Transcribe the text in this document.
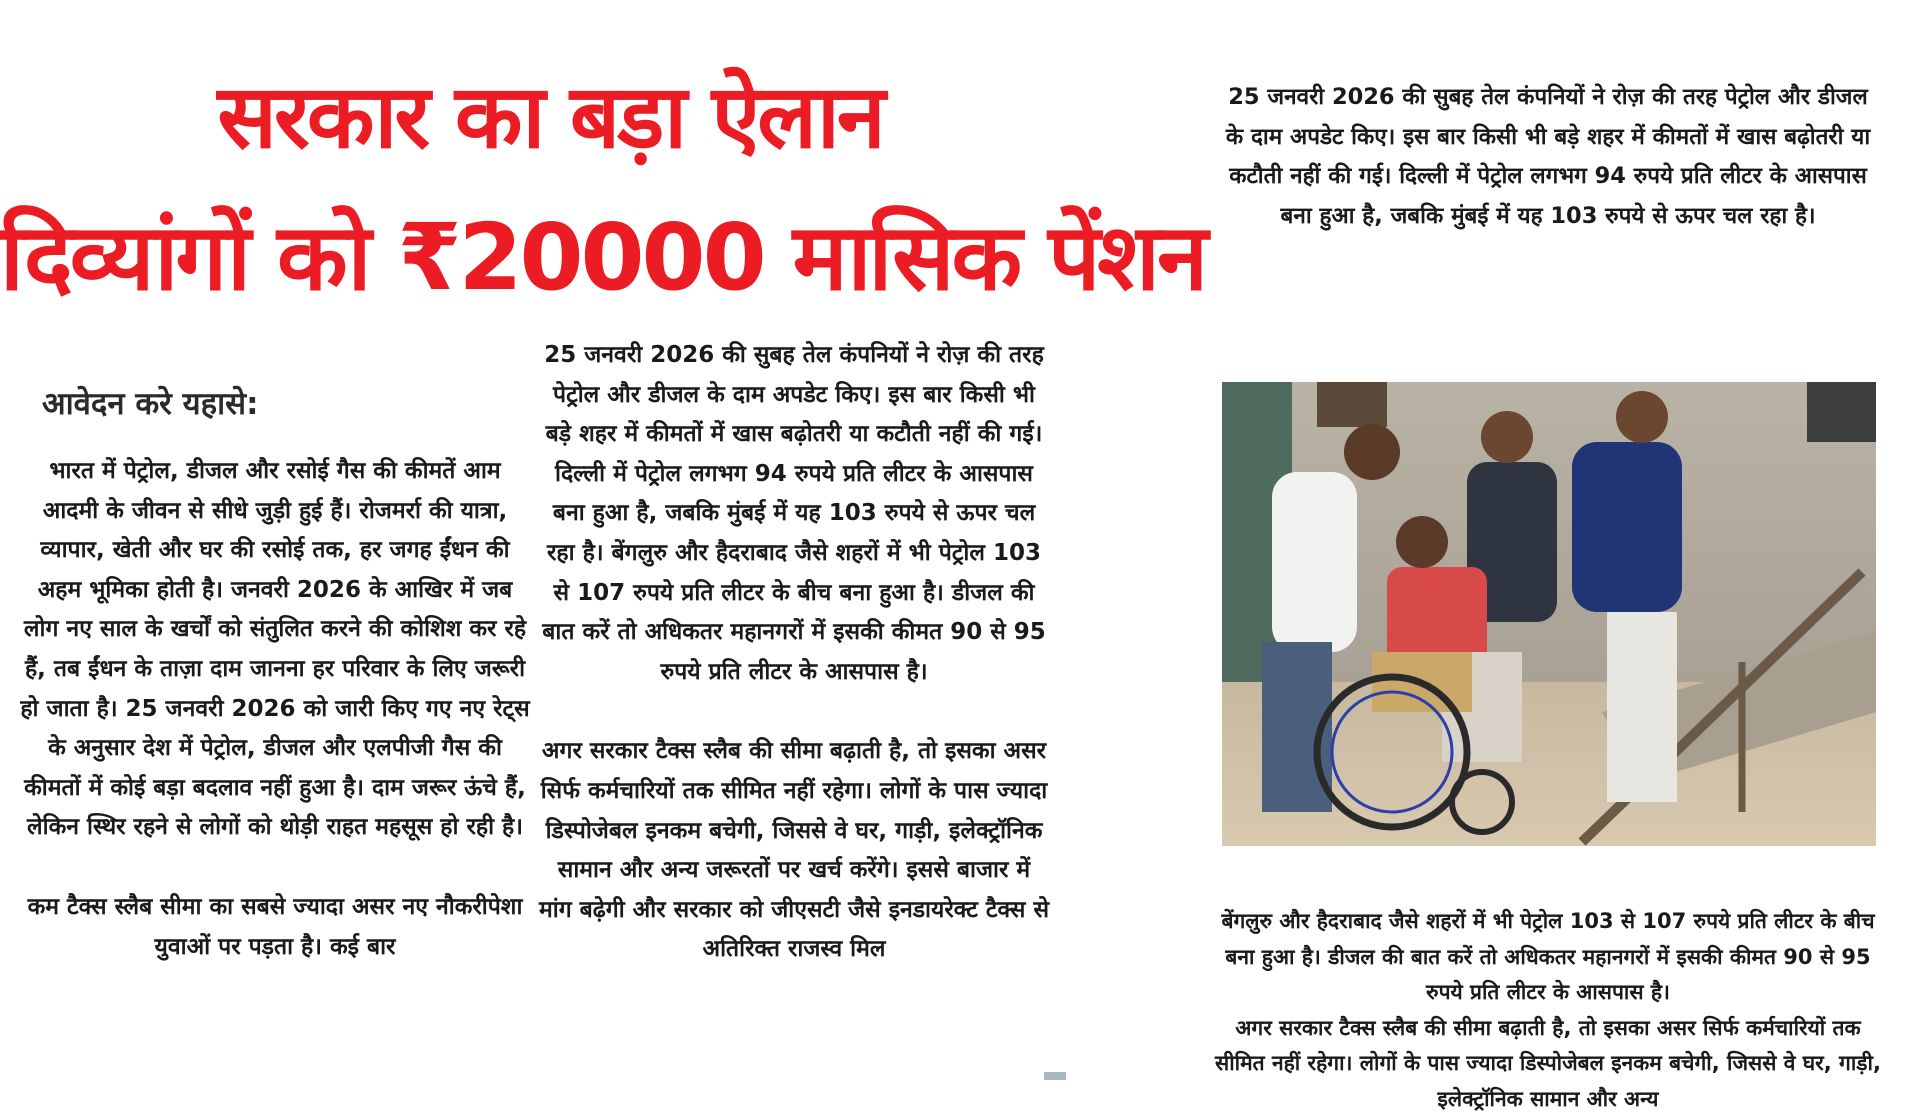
सरकार का बड़ा ऐलान
दिव्यांगों को ₹20000 मासिक पेंशन
आवेदन करे यहासे:

भारत में पेट्रोल, डीजल और रसोई गैस की कीमतें आम आदमी के जीवन से सीधे जुड़ी हुई हैं। रोजमर्रा की यात्रा, व्यापार, खेती और घर की रसोई तक, हर जगह ईंधन की अहम भूमिका होती है। जनवरी 2026 के आखिर में जब लोग नए साल के खर्चों को संतुलित करने की कोशिश कर रहे हैं, तब ईंधन के ताज़ा दाम जानना हर परिवार के लिए जरूरी हो जाता है। 25 जनवरी 2026 को जारी किए गए नए रेट्स के अनुसार देश में पेट्रोल, डीजल और एलपीजी गैस की कीमतों में कोई बड़ा बदलाव नहीं हुआ है। दाम जरूर ऊंचे हैं, लेकिन स्थिर रहने से लोगों को थोड़ी राहत महसूस हो रही है।

कम टैक्स स्लैब सीमा का सबसे ज्यादा असर नए नौकरीपेशा युवाओं पर पड़ता है। कई बार

25 जनवरी 2026 की सुबह तेल कंपनियों ने रोज़ की तरह पेट्रोल और डीजल के दाम अपडेट किए। इस बार किसी भी बड़े शहर में कीमतों में खास बढ़ोतरी या कटौती नहीं की गई। दिल्ली में पेट्रोल लगभग 94 रुपये प्रति लीटर के आसपास बना हुआ है, जबकि मुंबई में यह 103 रुपये से ऊपर चल रहा है। बेंगलुरु और हैदराबाद जैसे शहरों में भी पेट्रोल 103 से 107 रुपये प्रति लीटर के बीच बना हुआ है। डीजल की बात करें तो अधिकतर महानगरों में इसकी कीमत 90 से 95 रुपये प्रति लीटर के आसपास है।

अगर सरकार टैक्स स्लैब की सीमा बढ़ाती है, तो इसका असर सिर्फ कर्मचारियों तक सीमित नहीं रहेगा। लोगों के पास ज्यादा डिस्पोजेबल इनकम बचेगी, जिससे वे घर, गाड़ी, इलेक्ट्रॉनिक सामान और अन्य जरूरतों पर खर्च करेंगे। इससे बाजार में मांग बढ़ेगी और सरकार को जीएसटी जैसे इनडायरेक्ट टैक्स से अतिरिक्त राजस्व मिल

25 जनवरी 2026 की सुबह तेल कंपनियों ने रोज़ की तरह पेट्रोल और डीजल के दाम अपडेट किए। इस बार किसी भी बड़े शहर में कीमतों में खास बढ़ोतरी या कटौती नहीं की गई। दिल्ली में पेट्रोल लगभग 94 रुपये प्रति लीटर के आसपास बना हुआ है, जबकि मुंबई में यह 103 रुपये से ऊपर चल रहा है।

बेंगलुरु और हैदराबाद जैसे शहरों में भी पेट्रोल 103 से 107 रुपये प्रति लीटर के बीच बना हुआ है। डीजल की बात करें तो अधिकतर महानगरों में इसकी कीमत 90 से 95 रुपये प्रति लीटर के आसपास है।

अगर सरकार टैक्स स्लैब की सीमा बढ़ाती है, तो इसका असर सिर्फ कर्मचारियों तक सीमित नहीं रहेगा। लोगों के पास ज्यादा डिस्पोजेबल इनकम बचेगी, जिससे वे घर, गाड़ी, इलेक्ट्रॉनिक सामान और अन्य
